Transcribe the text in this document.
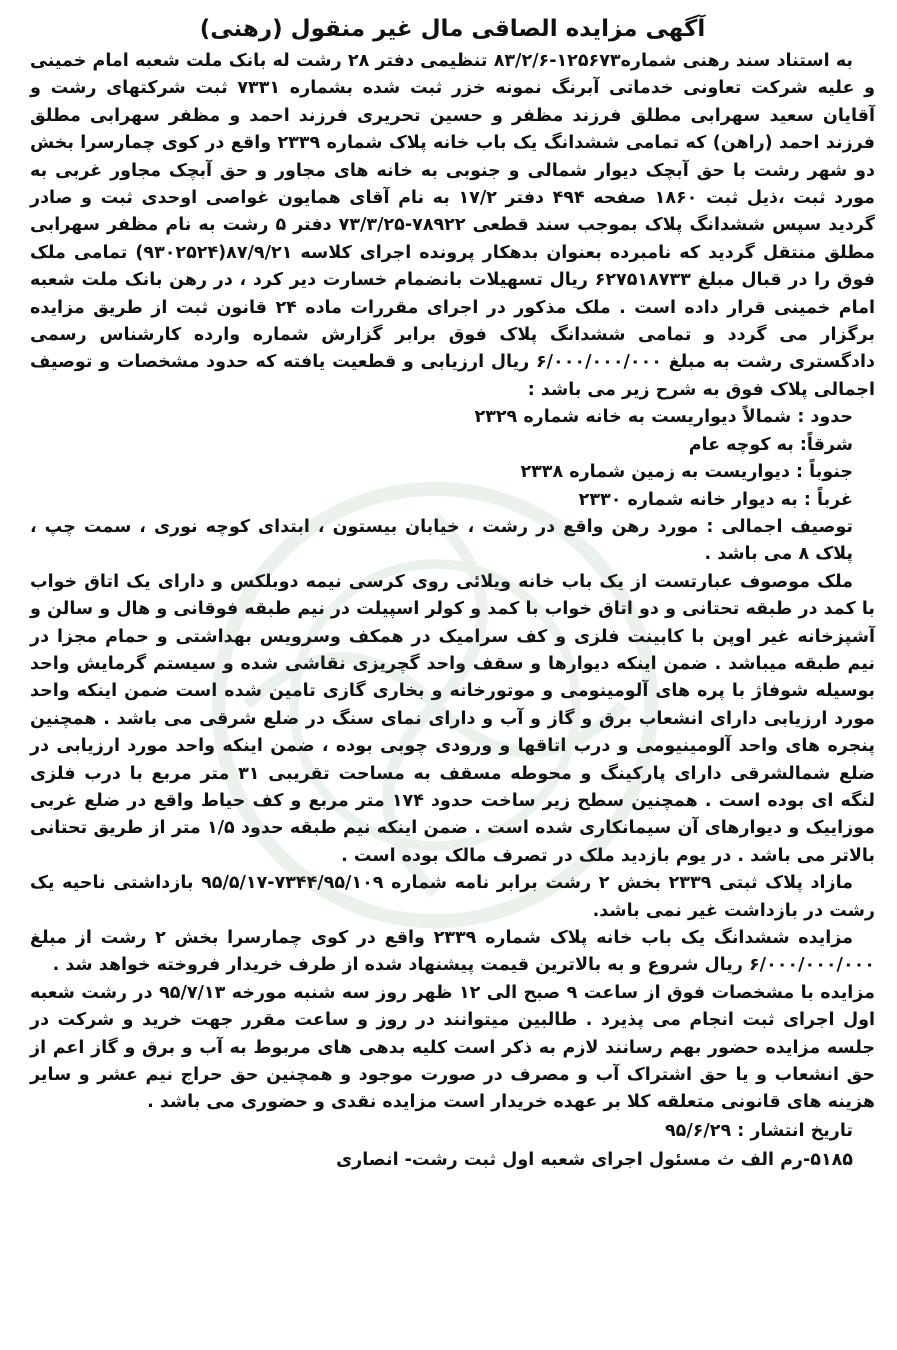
آگهی مزایده الصاقی مال غیر منقول (رهنی)

به استناد سند رهنی شماره۱۲۵۶۷۳-۸۳/۲/۶ تنظیمی دفتر ۲۸ رشت له بانک ملت شعبه امام خمینی و علیه شرکت تعاونی خدماتی آبرنگ نمونه خزر ثبت شده بشماره ۷۳۳۱ ثبت شرکتهای رشت و آقایان سعید سهرابی مطلق فرزند مظفر و حسین تحریری فرزند احمد و مظفر سهرابی مطلق فرزند احمد (راهن) که تمامی ششدانگ یک باب خانه پلاک شماره ۲۳۳۹ واقع در کوی چمارسرا بخش دو شهر رشت با حق آبچک دیوار شمالی و جنوبی به خانه های مجاور و حق آبچک مجاور غربی به مورد ثبت ،ذیل ثبت ۱۸۶۰ صفحه ۴۹۴ دفتر ۱۷/۲ به نام آقای همایون غواصی اوحدی ثبت و صادر گردید سپس ششدانگ پلاک بموجب سند قطعی ۷۸۹۲۲-۷۳/۳/۲۵ دفتر ۵ رشت به نام مظفر سهرابی مطلق منتقل گردید که نامبرده بعنوان بدهکار پرونده اجرای کلاسه ۸۷/۹/۲۱(۹۳۰۲۵۲۴) تمامی ملک فوق را در قبال مبلغ ۶۲۷۵۱۸۷۳۳ ریال تسهیلات بانضمام خسارت دیر کرد ، در رهن بانک ملت شعبه امام خمینی قرار داده است . ملک مذکور در اجرای مقررات ماده ۲۴ قانون ثبت از طریق مزایده برگزار می گردد و تمامی ششدانگ پلاک فوق برابر گزارش شماره وارده کارشناس رسمی دادگستری رشت به مبلغ ۶/۰۰۰/۰۰۰/۰۰۰ ریال ارزیابی و قطعیت یافته که حدود مشخصات و توصیف اجمالی پلاک فوق به شرح زیر می باشد :

حدود : شمالاً دیواریست به خانه شماره ۲۳۲۹

شرقاً: به کوچه عام

جنوباً : دیواریست به زمین شماره ۲۳۳۸

غرباً : به دیوار خانه شماره ۲۳۳۰

توصیف اجمالی : مورد رهن واقع در رشت ، خیابان بیستون ، ابتدای کوچه نوری ، سمت چپ ، پلاک ۸ می باشد .

ملک موصوف عبارتست از یک باب خانه ویلائی روی کرسی نیمه دوبلکس و دارای یک اتاق خواب با کمد در طبقه تحتانی و دو اتاق خواب با کمد و کولر اسپیلت در نیم طبقه فوقانی و هال و سالن و آشپزخانه غیر اوپن با کابینت فلزی و کف سرامیک در همکف وسرویس بهداشتی و حمام مجزا در نیم طبقه میباشد . ضمن اینکه دیوارها و سقف واحد گچریزی نقاشی شده و سیستم گرمایش واحد بوسیله شوفاژ با پره های آلومینومی و موتورخانه و بخاری گازی تامین شده است ضمن اینکه واحد مورد ارزیابی دارای انشعاب برق و گاز و آب و دارای نمای سنگ در ضلع شرقی می باشد . همچنین پنجره های واحد آلومینیومی و درب اتاقها و ورودی چوبی بوده ، ضمن اینکه واحد مورد ارزیابی در ضلع شمالشرقی دارای پارکینگ و محوطه مسقف به مساحت تقریبی ۳۱ متر مربع با درب فلزی لنگه ای بوده است . همچنین سطح زیر ساخت حدود ۱۷۴ متر مربع و کف حیاط واقع در ضلع غربی موزاییک و دیوارهای آن سیمانکاری شده است . ضمن اینکه نیم طبقه حدود ۱/۵ متر از طریق تحتانی بالاتر می باشد . در یوم بازدید ملک در تصرف مالک بوده است .

مازاد پلاک ثبتی ۲۳۳۹ بخش ۲ رشت برابر نامه شماره ۷۳۴۴/۹۵/۱۰۹-۹۵/۵/۱۷ بازداشتی ناحیه یک رشت در بازداشت غیر نمی باشد.

مزایده ششدانگ یک باب خانه پلاک شماره ۲۳۳۹ واقع در کوی چمارسرا بخش ۲ رشت از مبلغ ۶/۰۰۰/۰۰۰/۰۰۰ ریال شروع و به بالاترین قیمت پیشنهاد شده از طرف خریدار فروخته خواهد شد .

مزایده با مشخصات فوق از ساعت ۹ صبح الی ۱۲ ظهر روز سه شنبه مورخه ۹۵/۷/۱۳ در رشت شعبه اول اجرای ثبت انجام می پذیرد . طالبین میتوانند در روز و ساعت مقرر جهت خرید و شرکت در جلسه مزایده حضور بهم رسانند لازم به ذکر است کلیه بدهی های مربوط به آب و برق و گاز اعم از حق انشعاب و یا حق اشتراک آب و مصرف در صورت موجود و همچنین حق حراج نیم عشر و سایر هزینه های قانونی متعلقه کلا بر عهده خریدار است مزایده نقدی و حضوری می باشد .

تاریخ انتشار : ۹۵/۶/۲۹
۵۱۸۵-رم الف ث مسئول اجرای شعبه اول ثبت رشت- انصاری
